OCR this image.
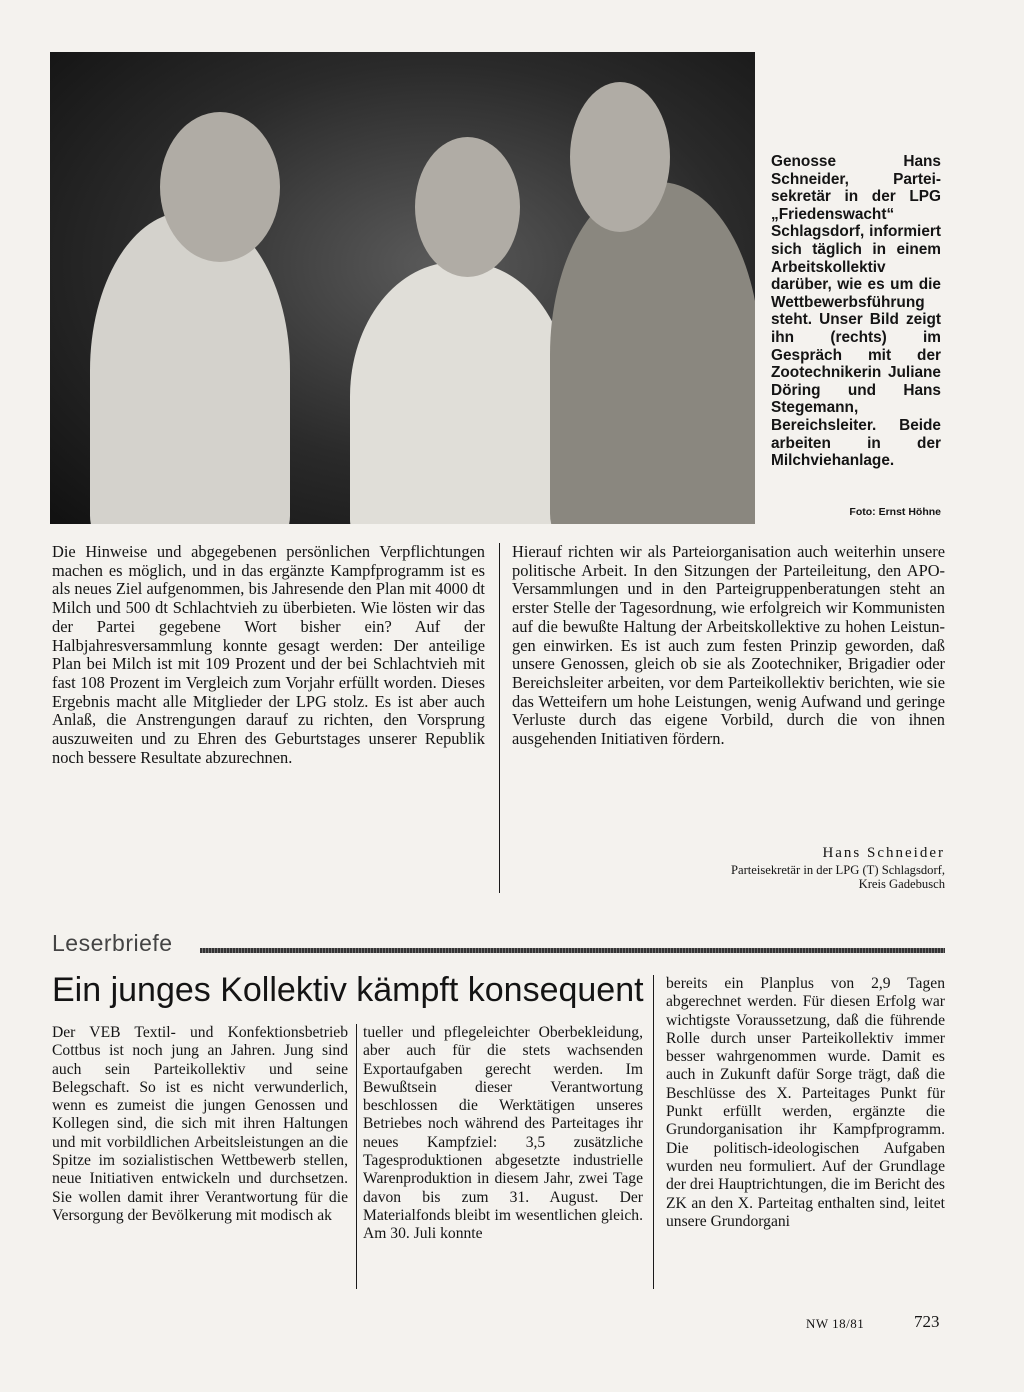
Genosse Hans Schneider, Parteisekretär in der LPG „Friedenswacht“ Schlagsdorf, informiert sich täglich in einem Arbeitskollektiv darüber, wie es um die Wettbewerbsführung steht. Unser Bild zeigt ihn (rechts) im Gespräch mit der Zootechnikerin Juliane Döring und Hans Stegemann, Bereichsleiter. Beide arbeiten in der Milchviehanlage.
Foto: Ernst Höhne

Die Hinweise und abgegebenen persönlichen Verpflichtungen machen es möglich, und in das ergänzte Kampfprogramm ist es als neues Ziel aufgenommen, bis Jahresende den Plan mit 4000 dt Milch und 500 dt Schlachtvieh zu überbieten. Wie lösten wir das der Partei gegebene Wort bisher ein? Auf der Halbjahresversammlung konnte gesagt werden: Der anteilige Plan bei Milch ist mit 109 Prozent und der bei Schlachtvieh mit fast 108 Prozent im Vergleich zum Vorjahr erfüllt worden. Dieses Ergebnis macht alle Mitglieder der LPG stolz. Es ist aber auch Anlaß, die Anstrengungen darauf zu richten, den Vorsprung auszuweiten und zu Ehren des Geburtstages unserer Republik noch bessere Resultate abzurechnen.

Hierauf richten wir als Parteiorganisation auch weiterhin unsere politische Arbeit. In den Sitzungen der Parteileitung, den APO-Versammlungen und in den Parteigruppenberatungen steht an erster Stelle der Tagesordnung, wie erfolgreich wir Kommunisten auf die bewußte Haltung der Arbeitskollektive zu hohen Leistungen einwirken. Es ist auch zum festen Prinzip geworden, daß unsere Genossen, gleich ob sie als Zootechniker, Brigadier oder Bereichsleiter arbeiten, vor dem Parteikollektiv berichten, wie sie das Wetteifern um hohe Leistungen, wenig Aufwand und geringe Verluste durch das eigene Vorbild, durch die von ihnen ausgehenden Initiativen fördern.

Hans Schneider
Parteisekretär in der LPG (T) Schlagsdorf,
Kreis Gadebusch
Leserbriefe
Ein junges Kollektiv kämpft konsequent

Der VEB Textil- und Konfektionsbetrieb Cottbus ist noch jung an Jahren. Jung sind auch sein Parteikollektiv und seine Belegschaft. So ist es nicht verwunderlich, wenn es zumeist die jungen Genossen und Kollegen sind, die sich mit ihren Haltungen und mit vorbildlichen Arbeitsleistungen an die Spitze im sozialistischen Wettbewerb stellen, neue Initiativen entwickeln und durchsetzen. Sie wollen damit ihrer Verantwortung für die Versorgung der Bevölkerung mit modisch ak

tueller und pflegeleichter Oberbekleidung, aber auch für die stets wachsenden Exportaufgaben gerecht werden. Im Bewußtsein dieser Verantwortung beschlossen die Werktätigen unseres Betriebes noch während des Parteitages ihr neues Kampfziel: 3,5 zusätzliche Tagesproduktionen abgesetzte industrielle Warenproduktion in diesem Jahr, zwei Tage davon bis zum 31. August. Der Materialfonds bleibt im wesentlichen gleich. Am 30. Juli konnte

bereits ein Planplus von 2,9 Tagen abgerechnet werden. Für diesen Erfolg war wichtigste Voraussetzung, daß die führende Rolle durch unser Parteikollektiv immer besser wahrgenommen wurde. Damit es auch in Zukunft dafür Sorge trägt, daß die Beschlüsse des X. Parteitages Punkt für Punkt erfüllt werden, ergänzte die Grundorganisation ihr Kampfprogramm. Die politisch-ideologischen Aufgaben wurden neu formuliert. Auf der Grundlage der drei Hauptrichtungen, die im Bericht des ZK an den X. Parteitag enthalten sind, leitet unsere Grundorgani

NW 18/81	723
